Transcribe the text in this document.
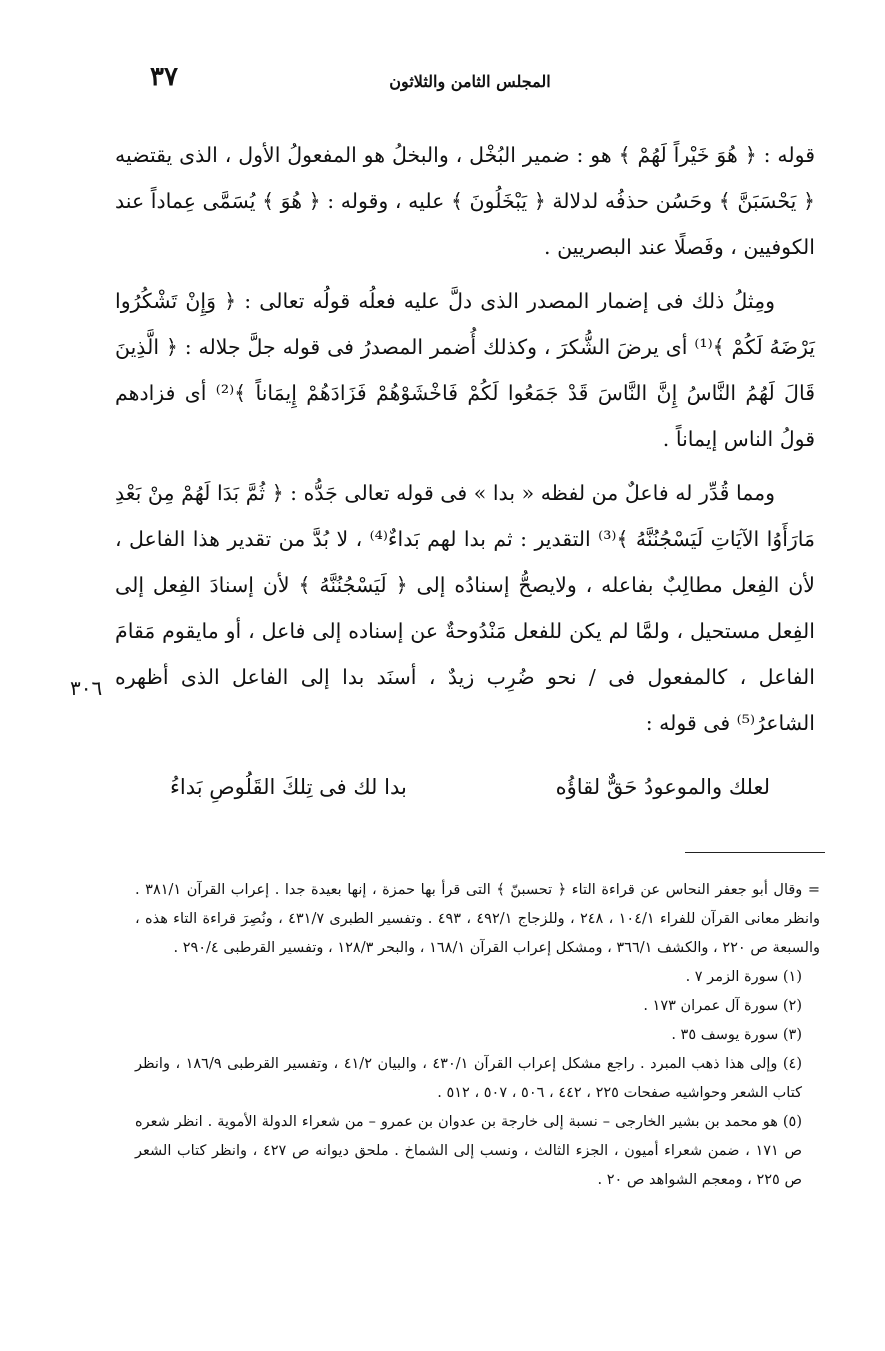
٣٧	المجلس الثامن والثلاثون

قوله : ﴿ هُوَ خَيْراً لَهُمْ ﴾ هو : ضمير البُخْل ، والبخلُ هو المفعولُ الأول ، الذى يقتضيه ﴿ يَحْسَبَنَّ ﴾ وحَسُن حذفُه لدلالة ﴿ يَبْخَلُونَ ﴾ عليه ، وقوله : ﴿ هُوَ ﴾ يُسَمَّى عِماداً عند الكوفيين ، وفَصلًا عند البصريين .

ومِثلُ ذلك فى إضمار المصدر الذى دلَّ عليه فعلُه قولُه تعالى : ﴿ وَإِنْ تَشْكُرُوا يَرْضَهُ لَكُمْ ﴾⁽¹⁾ أى يرضَ الشُّكرَ ، وكذلك أُضمر المصدرُ فى قوله جلَّ جلاله : ﴿ الَّذِينَ قَالَ لَهُمُ النَّاسُ إِنَّ النَّاسَ قَدْ جَمَعُوا لَكُمْ فَاخْشَوْهُمْ فَزَادَهُمْ إِيمَاناً ﴾⁽²⁾ أى فزادهم قولُ الناس إيماناً .

ومما قُدِّر له فاعلٌ من لفظه « بدا » فى قوله تعالى جَدُّه : ﴿ ثُمَّ بَدَا لَهُمْ مِنْ بَعْدِ مَارَأَوُا الآيَاتِ لَيَسْجُنُنَّهُ ﴾⁽³⁾ التقدير : ثم بدا لهم بَداءٌ⁽⁴⁾ ، لا بُدَّ من تقدير هذا الفاعل ، لأن الفِعل مطالِبٌ بفاعله ، ولايصحُّ إسنادُه إلى ﴿ لَيَسْجُنُنَّهُ ﴾ لأن إسنادَ الفِعل إلى الفِعل مستحيل ، ولمَّا لم يكن للفعل مَنْدُوحةٌ عن إسناده إلى فاعل ، أو مايقوم مَقامَ الفاعل ، كالمفعول فى / نحو ضُرِب زيدٌ ، أسنَد بدا إلى الفاعل الذى أظهره الشاعرُ⁽⁵⁾ فى قوله :

٣٠٦
لعلك والموعودُ حَقٌّ لقاؤُه
بدا لك فى تِلكَ القَلُوصِ بَداءُ
= وقال أبو جعفر النحاس عن قراءة التاء ﴿ تحسبنّ ﴾ التى قرأ بها حمزة ، إنها بعيدة جدا . إعراب القرآن ٣٨١/١ . وانظر معانى القرآن للفراء ١٠٤/١ ، ٢٤٨ ، وللزجاج ٤٩٢/١ ، ٤٩٣ . وتفسير الطبرى ٤٣١/٧ ، ونُصِرَ قراءة التاء هذه ، والسبعة ص ٢٢٠ ، والكشف ٣٦٦/١ ، ومشكل إعراب القرآن ١٦٨/١ ، والبحر ١٢٨/٣ ، وتفسير القرطبى ٢٩٠/٤ .
(١) سورة الزمر ٧ .
(٢) سورة آل عمران ١٧٣ .
(٣) سورة يوسف ٣٥ .
(٤) وإلى هذا ذهب المبرد . راجع مشكل إعراب القرآن ٤٣٠/١ ، والبيان ٤١/٢ ، وتفسير القرطبى ١٨٦/٩ ، وانظر كتاب الشعر وحواشيه صفحات ٢٢٥ ، ٤٤٢ ، ٥٠٦ ، ٥٠٧ ، ٥١٢ .
(٥) هو محمد بن بشير الخارجى – نسبة إلى خارجة بن عدوان بن عمرو – من شعراء الدولة الأموية . انظر شعره ص ١٧١ ، ضمن شعراء أميون ، الجزء الثالث ، ونسب إلى الشماخ . ملحق ديوانه ص ٤٢٧ ، وانظر كتاب الشعر ص ٢٢٥ ، ومعجم الشواهد ص ٢٠ .
